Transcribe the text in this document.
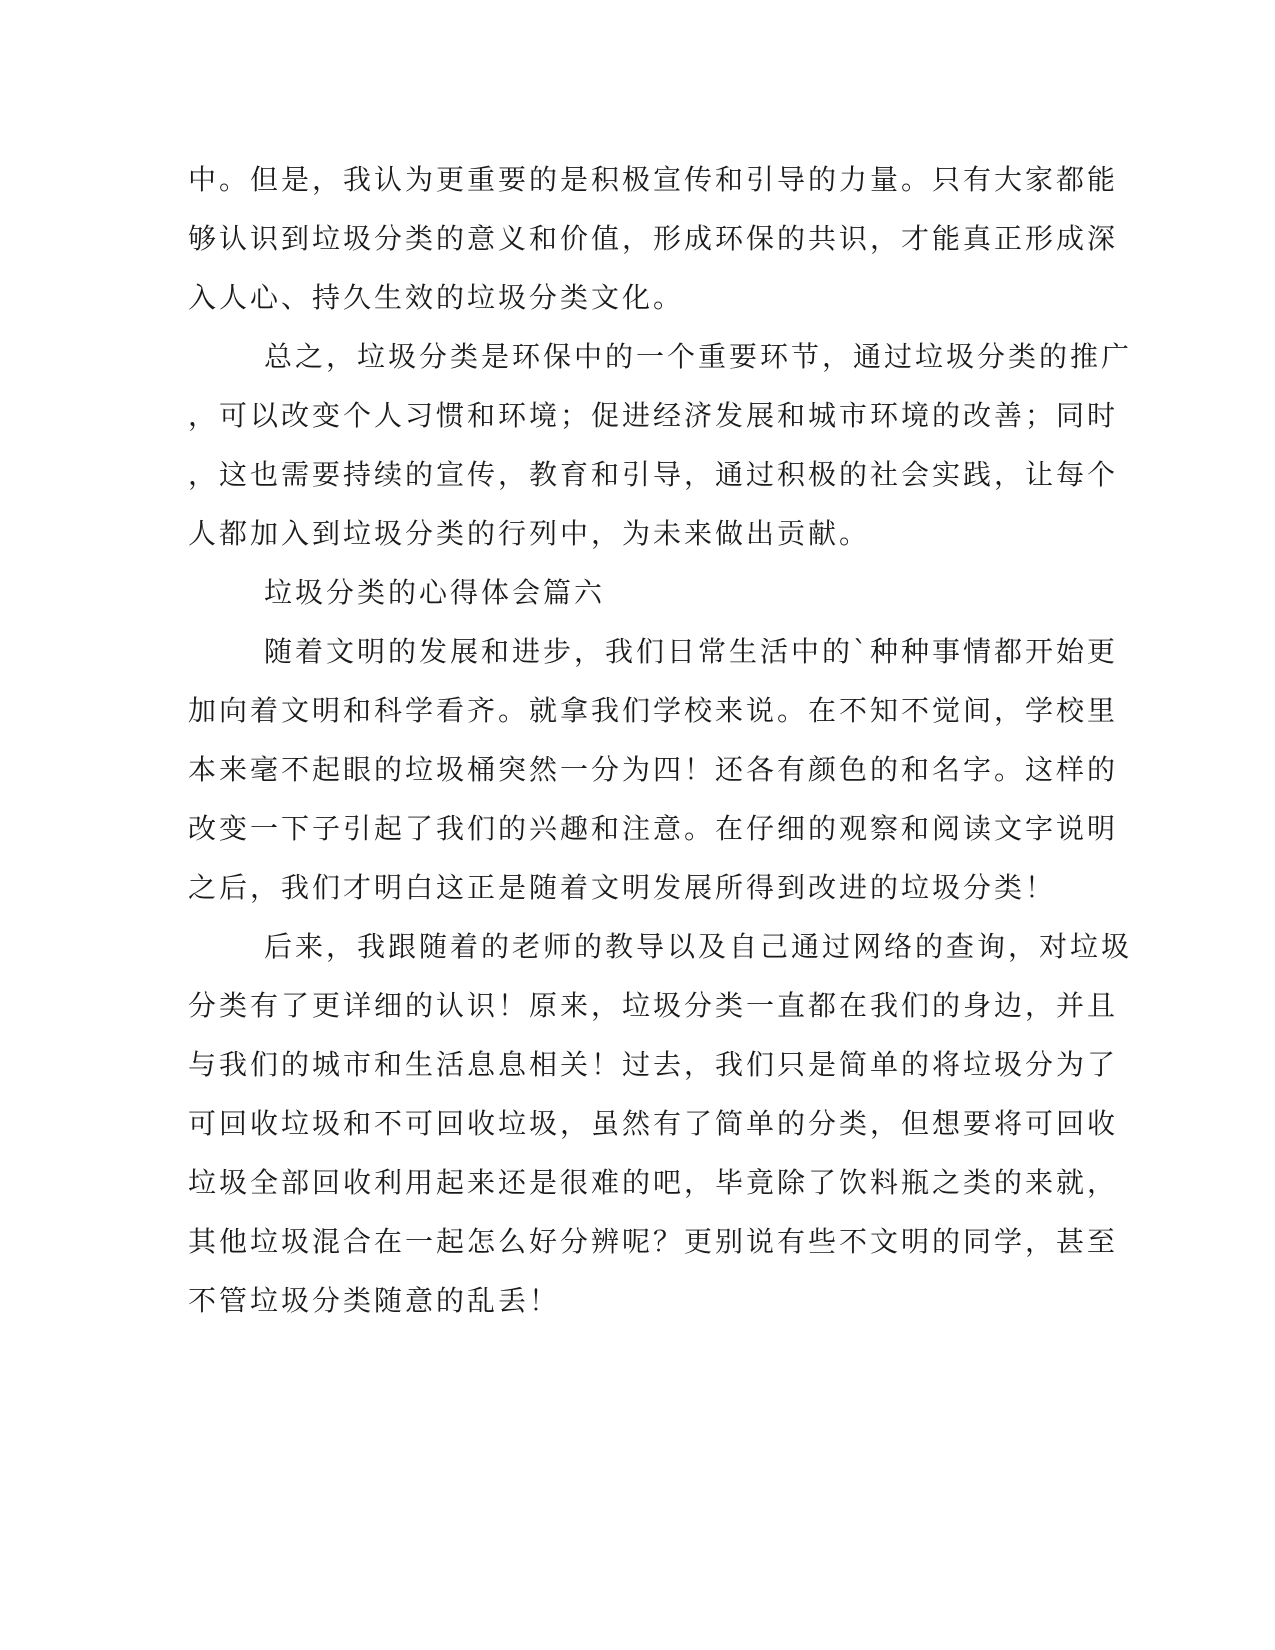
中。但是，我认为更重要的是积极宣传和引导的力量。只有大家都能
够认识到垃圾分类的意义和价值，形成环保的共识，才能真正形成深
入人心、持久生效的垃圾分类文化。
总之，垃圾分类是环保中的一个重要环节，通过垃圾分类的推广
，可以改变个人习惯和环境；促进经济发展和城市环境的改善；同时
，这也需要持续的宣传，教育和引导，通过积极的社会实践，让每个
人都加入到垃圾分类的行列中，为未来做出贡献。
垃圾分类的心得体会篇六
随着文明的发展和进步，我们日常生活中的`种种事情都开始更
加向着文明和科学看齐。就拿我们学校来说。在不知不觉间，学校里
本来毫不起眼的垃圾桶突然一分为四！还各有颜色的和名字。这样的
改变一下子引起了我们的兴趣和注意。在仔细的观察和阅读文字说明
之后，我们才明白这正是随着文明发展所得到改进的垃圾分类！
后来，我跟随着的老师的教导以及自己通过网络的查询，对垃圾
分类有了更详细的认识！原来，垃圾分类一直都在我们的身边，并且
与我们的城市和生活息息相关！过去，我们只是简单的将垃圾分为了
可回收垃圾和不可回收垃圾，虽然有了简单的分类，但想要将可回收
垃圾全部回收利用起来还是很难的吧，毕竟除了饮料瓶之类的来就，
其他垃圾混合在一起怎么好分辨呢？更别说有些不文明的同学，甚至
不管垃圾分类随意的乱丢！
